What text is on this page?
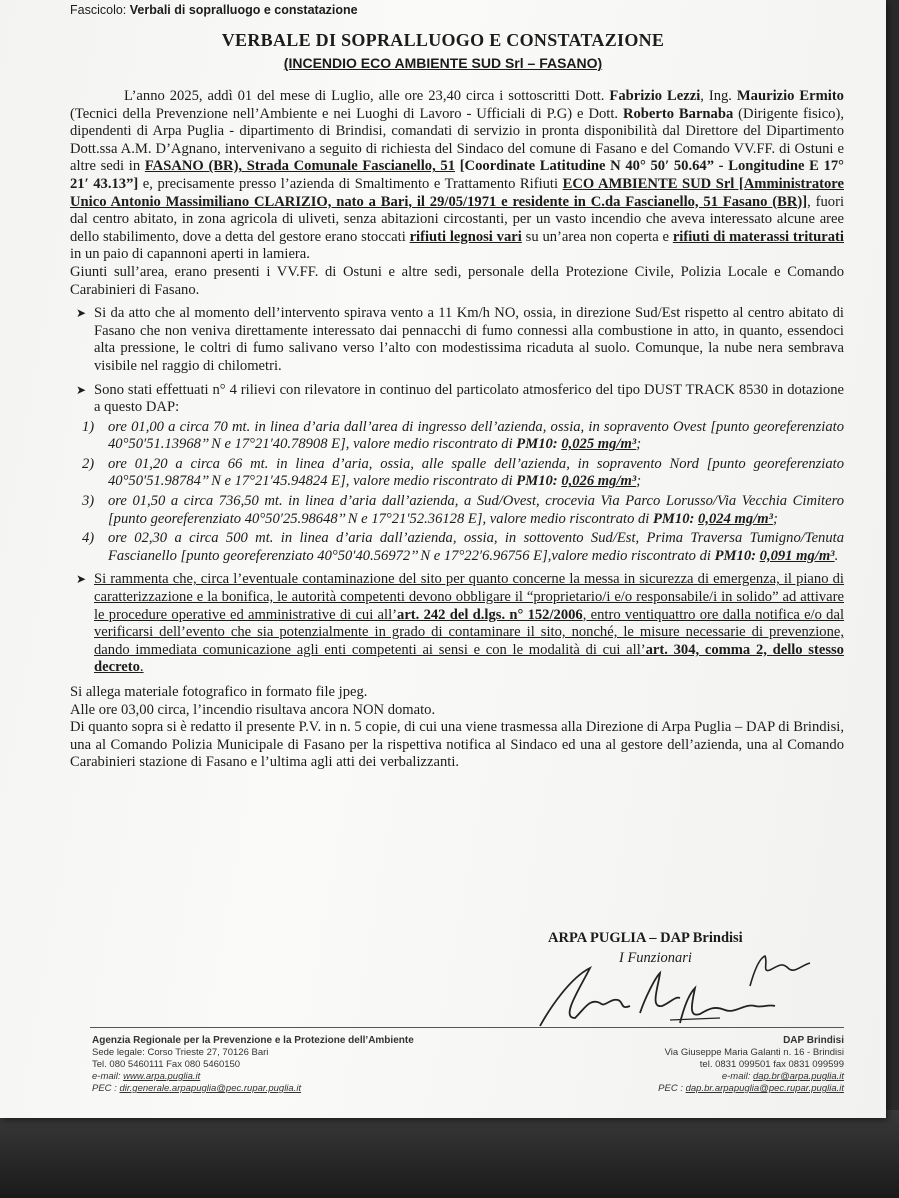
Fascicolo: Verbali di sopralluogo e constatazione
VERBALE DI SOPRALLUOGO E CONSTATAZIONE
(INCENDIO ECO AMBIENTE SUD Srl – FASANO)

L’anno 2025, addì 01 del mese di Luglio, alle ore 23,40 circa i sottoscritti Dott. Fabrizio Lezzi, Ing. Maurizio Ermito (Tecnici della Prevenzione nell’Ambiente e nei Luoghi di Lavoro - Ufficiali di P.G) e Dott. Roberto Barnaba (Dirigente fisico), dipendenti di Arpa Puglia - dipartimento di Brindisi, comandati di servizio in pronta disponibilità dal Direttore del Dipartimento Dott.ssa A.M. D’Agnano, intervenivano a seguito di richiesta del Sindaco del comune di Fasano e del Comando VV.FF. di Ostuni e altre sedi in FASANO (BR), Strada Comunale Fascianello, 51 [Coordinate Latitudine N 40° 50′ 50.64” - Longitudine E 17° 21′ 43.13”] e, precisamente presso l’azienda di Smaltimento e Trattamento Rifiuti ECO AMBIENTE SUD Srl [Amministratore Unico Antonio Massimiliano CLARIZIO, nato a Bari, il 29/05/1971 e residente in C.da Fascianello, 51 Fasano (BR)], fuori dal centro abitato, in zona agricola di uliveti, senza abitazioni circostanti, per un vasto incendio che aveva interessato alcune aree dello stabilimento, dove a detta del gestore erano stoccati rifiuti legnosi vari su un’area non coperta e rifiuti di materassi triturati in un paio di capannoni aperti in lamiera.

Giunti sull’area, erano presenti i VV.FF. di Ostuni e altre sedi, personale della Protezione Civile, Polizia Locale e Comando Carabinieri di Fasano.

➤ Si da atto che al momento dell’intervento spirava vento a 11 Km/h NO, ossia, in direzione Sud/Est rispetto al centro abitato di Fasano che non veniva direttamente interessato dai pennacchi di fumo connessi alla combustione in atto, in quanto, essendoci alta pressione, le coltri di fumo salivano verso l’alto con modestissima ricaduta al suolo. Comunque, la nube nera sembrava visibile nel raggio di chilometri.

➤ Sono stati effettuati n° 4 rilievi con rilevatore in continuo del particolato atmosferico del tipo DUST TRACK 8530 in dotazione a questo DAP:

1) ore 01,00 a circa 70 mt. in linea d’aria dall’area di ingresso dell’azienda, ossia, in sopravento Ovest [punto georeferenziato 40°50′51.13968’’ N e 17°21′40.78908 E], valore medio riscontrato di PM10: 0,025 mg/m³;

2) ore 01,20 a circa 66 mt. in linea d’aria, ossia, alle spalle dell’azienda, in sopravento Nord [punto georeferenziato 40°50′51.98784’’ N e 17°21′45.94824 E], valore medio riscontrato di PM10: 0,026 mg/m³;

3) ore 01,50 a circa 736,50 mt. in linea d’aria dall’azienda, a Sud/Ovest, crocevia Via Parco Lorusso/Via Vecchia Cimitero [punto georeferenziato 40°50′25.98648’’ N e 17°21′52.36128 E], valore medio riscontrato di PM10: 0,024 mg/m³;

4) ore 02,30 a circa 500 mt. in linea d’aria dall’azienda, ossia, in sottovento Sud/Est, Prima Traversa Tumigno/Tenuta Fascianello [punto georeferenziato 40°50′40.56972’’ N e 17°22′6.96756 E],valore medio riscontrato di PM10: 0,091 mg/m³.

➤ Si rammenta che, circa l’eventuale contaminazione del sito per quanto concerne la messa in sicurezza di emergenza, il piano di caratterizzazione e la bonifica, le autorità competenti devono obbligare il “proprietario/i e/o responsabile/i in solido” ad attivare le procedure operative ed amministrative di cui all’art. 242 del d.lgs. n° 152/2006, entro ventiquattro ore dalla notifica e/o dal verificarsi dell’evento che sia potenzialmente in grado di contaminare il sito, nonché, le misure necessarie di prevenzione, dando immediata comunicazione agli enti competenti ai sensi e con le modalità di cui all’art. 304, comma 2, dello stesso decreto.

Si allega materiale fotografico in formato file jpeg.

Alle ore 03,00 circa, l’incendio risultava ancora NON domato.

Di quanto sopra si è redatto il presente P.V. in n. 5 copie, di cui una viene trasmessa alla Direzione di Arpa Puglia – DAP di Brindisi, una al Comando Polizia Municipale di Fasano per la rispettiva notifica al Sindaco ed una al gestore dell’azienda, una al Comando Carabinieri stazione di Fasano e l’ultima agli atti dei verbalizzanti.

ARPA PUGLIA – DAP Brindisi
I Funzionari
Agenzia Regionale per la Prevenzione e la Protezione dell’Ambiente
Sede legale: Corso Trieste 27, 70126 Bari
Tel. 080 5460111 Fax 080 5460150
e-mail: www.arpa.puglia.it
PEC : dir.generale.arpapuglia@pec.rupar.puglia.it
DAP Brindisi
Via Giuseppe Maria Galanti n. 16 - Brindisi
tel. 0831 099501 fax 0831 099599
e-mail: dap.br@arpa.puglia.it
PEC : dap.br.arpapuglia@pec.rupar.puglia.it
